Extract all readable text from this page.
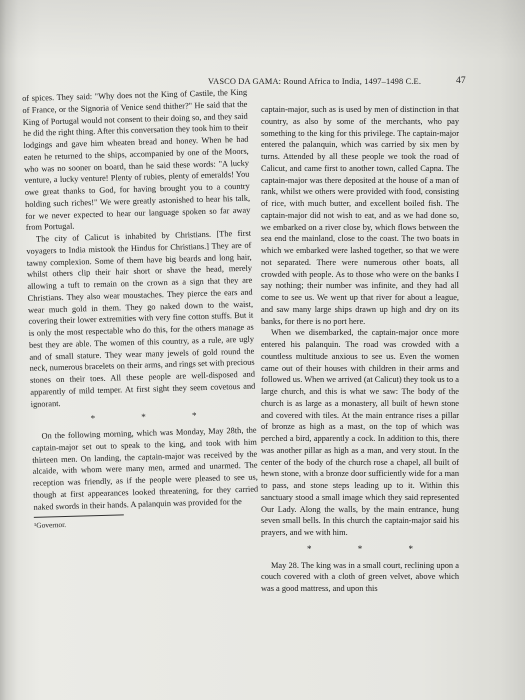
VASCO DA GAMA: Round Africa to India, 1497–1498 C.E.	47

of spices. They said: "Why does not the King of Castile, the King of France, or the Signoria of Venice send thither?" He said that the King of Portugal would not consent to their doing so, and they said he did the right thing. After this conversation they took him to their lodgings and gave him wheaten bread and honey. When he had eaten he returned to the ships, accompanied by one of the Moors, who was no sooner on board, than he said these words: "A lucky venture, a lucky venture! Plenty of rubies, plenty of emeralds! You owe great thanks to God, for having brought you to a country holding such riches!" We were greatly astonished to hear his talk, for we never expected to hear our language spoken so far away from Portugal.

The city of Calicut is inhabited by Christians. [The first voyagers to India mistook the Hindus for Christians.] They are of tawny complexion. Some of them have big beards and long hair, whilst others clip their hair short or shave the head, merely allowing a tuft to remain on the crown as a sign that they are Christians. They also wear moustaches. They pierce the ears and wear much gold in them. They go naked down to the waist, covering their lower extremities with very fine cotton stuffs. But it is only the most respectable who do this, for the others manage as best they are able. The women of this country, as a rule, are ugly and of small stature. They wear many jewels of gold round the neck, numerous bracelets on their arms, and rings set with precious stones on their toes. All these people are well-disposed and apparently of mild temper. At first sight they seem covetous and ignorant.

* * *

On the following morning, which was Monday, May 28th, the captain-major set out to speak to the king, and took with him thirteen men. On landing, the captain-major was received by the alcaide, with whom were many men, armed and unarmed. The reception was friendly, as if the people were pleased to see us, though at first appearances looked threatening, for they carried naked swords in their hands. A palanquin was provided for the

¹Governor.

captain-major, such as is used by men of distinction in that country, as also by some of the merchants, who pay something to the king for this privilege. The captain-major entered the palanquin, which was carried by six men by turns. Attended by all these people we took the road of Calicut, and came first to another town, called Capna. The captain-major was there deposited at the house of a man of rank, whilst we others were provided with food, consisting of rice, with much butter, and excellent boiled fish. The captain-major did not wish to eat, and as we had done so, we embarked on a river close by, which flows between the sea end the mainland, close to the coast. The two boats in which we embarked were lashed together, so that we were not separated. There were numerous other boats, all crowded with people. As to those who were on the banks I say nothing; their number was infinite, and they had all come to see us. We went up that river for about a league, and saw many large ships drawn up high and dry on its banks, for there is no port here.

When we disembarked, the captain-major once more entered his palanquin. The road was crowded with a countless multitude anxious to see us. Even the women came out of their houses with children in their arms and followed us. When we arrived (at Calicut) they took us to a large church, and this is what we saw: The body of the church is as large as a monastery, all built of hewn stone and covered with tiles. At the main entrance rises a pillar of bronze as high as a mast, on the top of which was perched a bird, apparently a cock. In addition to this, there was another pillar as high as a man, and very stout. In the center of the body of the church rose a chapel, all built of hewn stone, with a bronze door sufficiently wide for a man to pass, and stone steps leading up to it. Within this sanctuary stood a small image which they said represented Our Lady. Along the walls, by the main entrance, hung seven small bells. In this church the captain-major said his prayers, and we with him.

* * *

May 28. The king was in a small court, reclining upon a couch covered with a cloth of green velvet, above which was a good mattress, and upon this
